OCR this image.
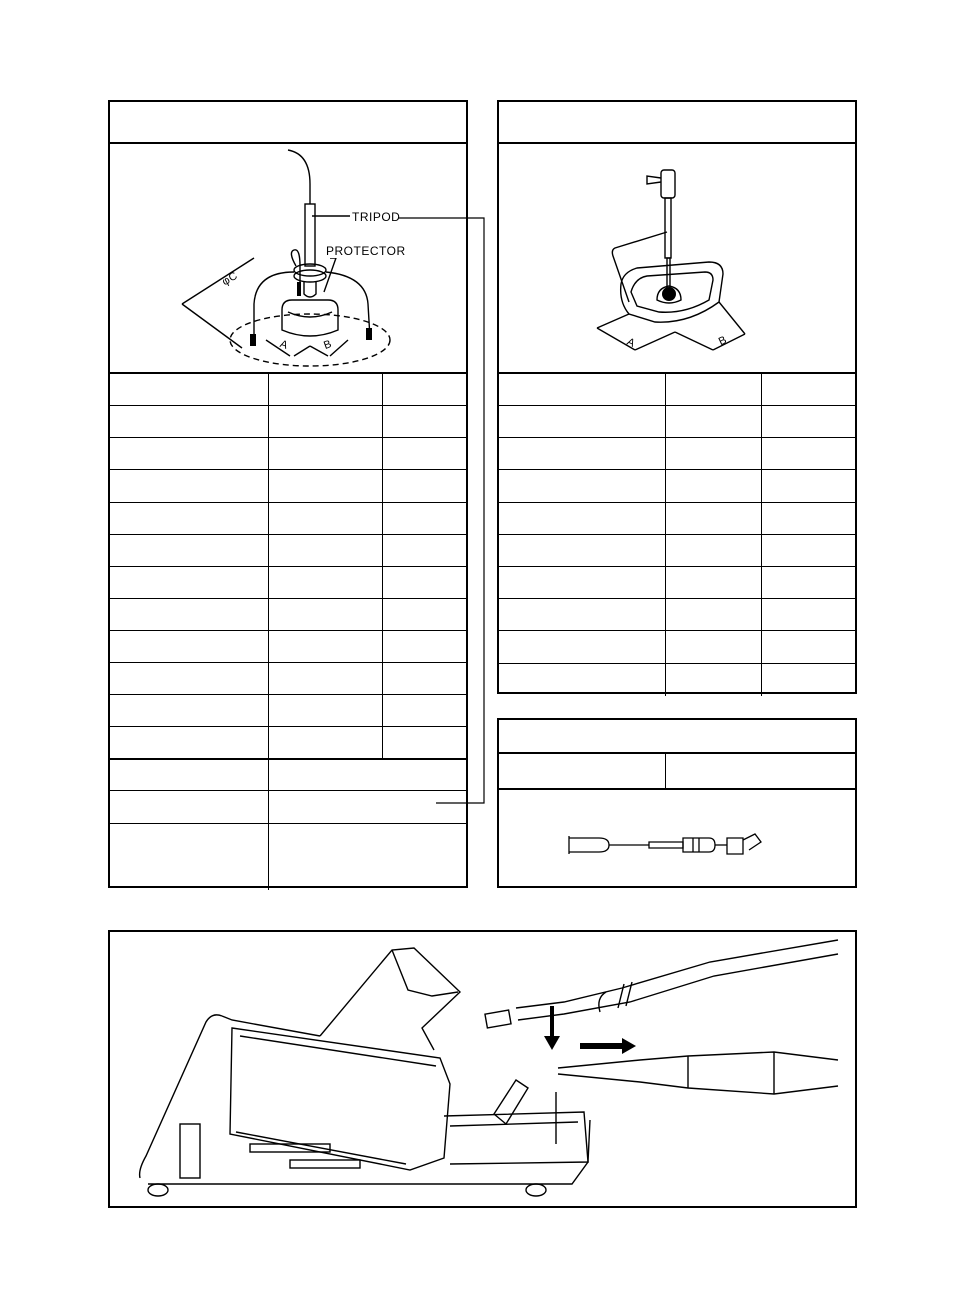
TRIPOD
PROTECTOR
φC
A	B	A	B
